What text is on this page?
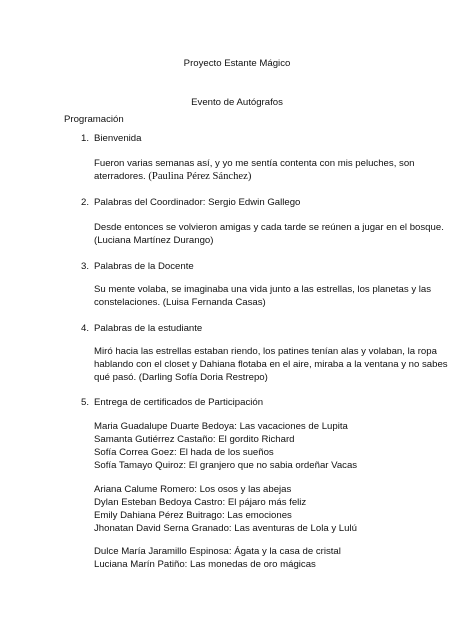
Proyecto Estante Mágico
Evento de Autógrafos
Programación
1. Bienvenida
Fueron varias semanas así, y yo me sentía contenta con mis peluches, son
aterradores. (Paulina Pérez Sánchez)
2. Palabras del Coordinador: Sergio Edwin Gallego
Desde entonces se volvieron amigas y cada tarde se reúnen a jugar en el bosque.
(Luciana Martínez Durango)
3. Palabras de la Docente
Su mente volaba, se imaginaba una vida junto a las estrellas, los planetas y las
constelaciones. (Luisa Fernanda Casas)
4. Palabras de la estudiante
Miró hacia las estrellas estaban riendo, los patines tenían alas y volaban, la ropa
hablando con el closet y Dahiana flotaba en el aire, miraba a la ventana y no sabes
qué pasó. (Darling Sofía Doria Restrepo)
5. Entrega de certificados de Participación
Maria Guadalupe Duarte Bedoya: Las vacaciones de Lupita
Samanta Gutiérrez Castaño: El gordito Richard
Sofía Correa Goez: El hada de los sueños
Sofía Tamayo Quiroz: El granjero que no sabia ordeñar Vacas
Ariana Calume Romero: Los osos y las abejas
Dylan Esteban Bedoya Castro: El pájaro más feliz
Emily Dahiana Pérez Buitrago: Las emociones
Jhonatan David Serna Granado: Las aventuras de Lola y Lulú
Dulce María Jaramillo Espinosa: Ágata y la casa de cristal
Luciana Marín Patiño: Las monedas de oro mágicas
